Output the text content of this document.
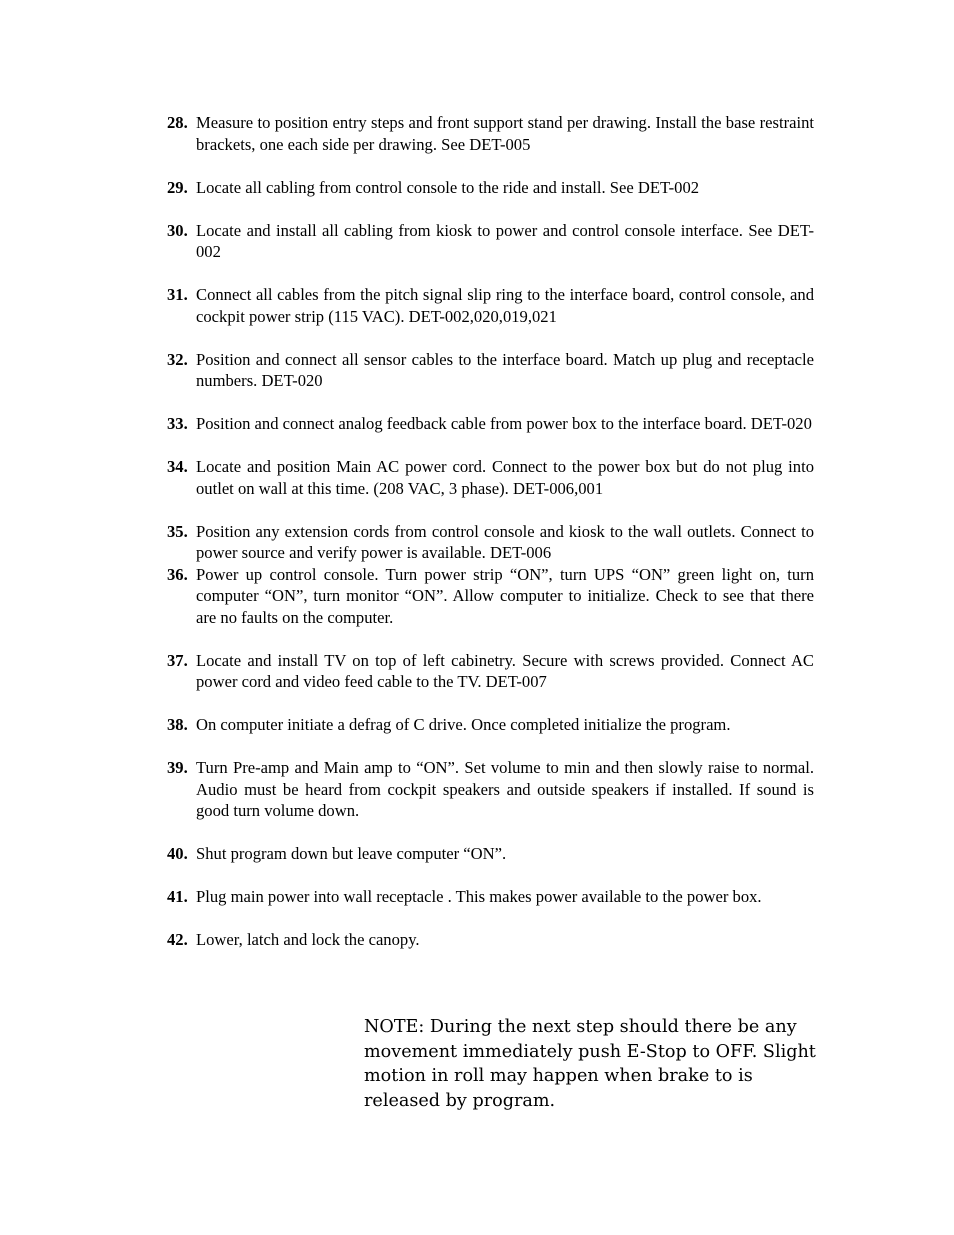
28. Measure to position entry steps and front support stand per drawing. Install the base restraint brackets, one each side per drawing. See DET-005
29. Locate all cabling from control console to the ride and install. See DET-002
30. Locate and install all cabling from kiosk to power and control console interface. See DET-002
31. Connect all cables from the pitch signal slip ring to the interface board, control console, and cockpit power strip (115 VAC). DET-002,020,019,021
32. Position and connect all sensor cables to the interface board. Match up plug and receptacle numbers. DET-020
33. Position and connect analog feedback cable from power box to the interface board. DET-020
34. Locate and position Main AC power cord. Connect to the power box but do not plug into outlet on wall at this time. (208 VAC, 3 phase). DET-006,001
35. Position any extension cords from control console and kiosk to the wall outlets. Connect to power source and verify power is available. DET-006
36. Power up control console. Turn power strip “ON”, turn UPS “ON” green light on, turn computer “ON”, turn monitor “ON”. Allow computer to initialize. Check to see that there are no faults on the computer.
37. Locate and install TV on top of left cabinetry. Secure with screws provided. Connect AC power cord and video feed cable to the TV. DET-007
38. On computer initiate a defrag of C drive. Once completed initialize the program.
39. Turn Pre-amp and Main amp to “ON”. Set volume to min and then slowly raise to normal. Audio must be heard from cockpit speakers and outside speakers if installed. If sound is good turn volume down.
40. Shut program down but leave computer “ON”.
41. Plug main power into wall receptacle . This makes power available to the power box.
42. Lower, latch and lock the canopy.
NOTE: During the next step should there be any movement immediately push E-Stop to OFF. Slight motion in roll may happen when brake to is released by program.
